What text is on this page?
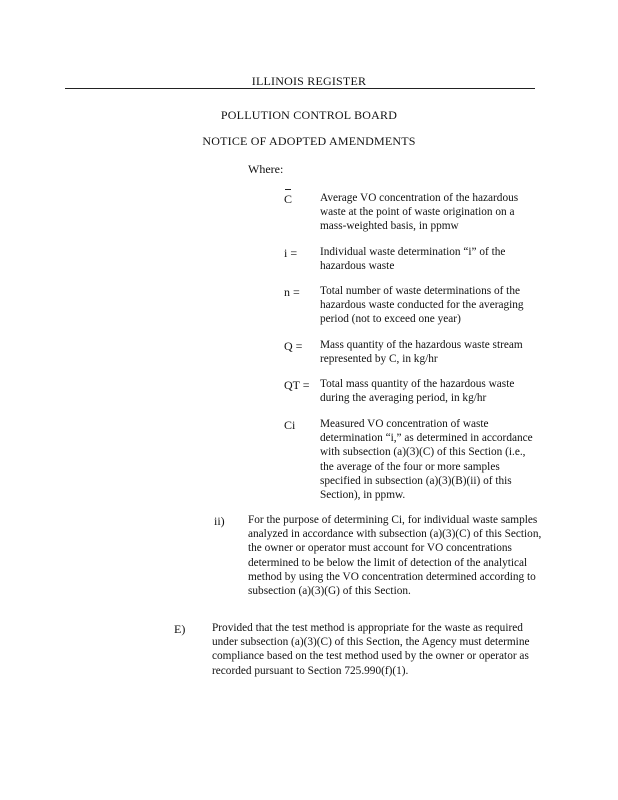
ILLINOIS REGISTER
POLLUTION CONTROL BOARD
NOTICE OF ADOPTED AMENDMENTS
Where:
C	Average VO concentration of the hazardous waste at the point of waste origination on a mass-weighted basis, in ppmw
i =	Individual waste determination “i” of the hazardous waste
n =	Total number of waste determinations of the hazardous waste conducted for the averaging period (not to exceed one year)
Q =	Mass quantity of the hazardous waste stream represented by C, in kg/hr
QT = Total mass quantity of the hazardous waste during the averaging period, in kg/hr
Ci	Measured VO concentration of waste determination “i,” as determined in accordance with subsection (a)(3)(C) of this Section (i.e., the average of the four or more samples specified in subsection (a)(3)(B)(ii) of this Section), in ppmw.
ii) For the purpose of determining Ci, for individual waste samples analyzed in accordance with subsection (a)(3)(C) of this Section, the owner or operator must account for VO concentrations determined to be below the limit of detection of the analytical method by using the VO concentration determined according to subsection (a)(3)(G) of this Section.
E) Provided that the test method is appropriate for the waste as required under subsection (a)(3)(C) of this Section, the Agency must determine compliance based on the test method used by the owner or operator as recorded pursuant to Section 725.990(f)(1).
